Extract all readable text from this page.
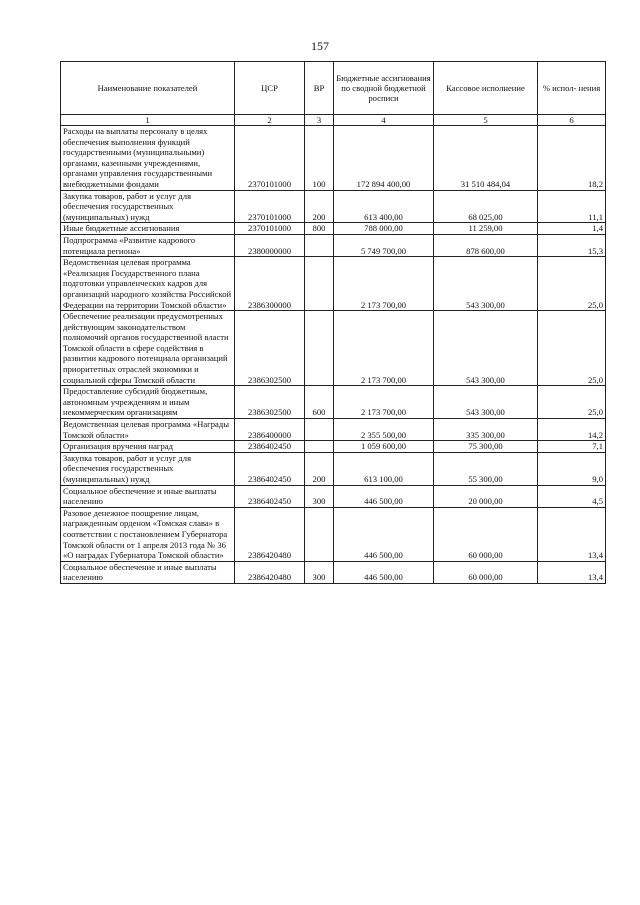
157
Наименование показателей	ЦСР	ВР	Бюджетные ассигнования по сводной бюджетной росписи	Кассовое исполнение	% испол- нения
1	2	3	4	5	6
Расходы на выплаты персоналу в целях обеспечения выполнения функций государственными (муниципальными) органами, казенными учреждениями, органами управления государственными внебюджетными фондами	2370101000	100	172 894 400,00	31 510 484,04	18,2
Закупка товаров, работ и услуг для обеспечения государственных (муниципальных) нужд	2370101000	200	613 400,00	68 025,00	11,1
Иные бюджетные ассигнования	2370101000	800	788 000,00	11 259,00	1,4
Подпрограмма «Развитие кадрового потенциала региона»	2380000000		5 749 700,00	878 600,00	15,3
Ведомственная целевая программа «Реализация Государственного плана подготовки управленческих кадров для организаций народного хозяйства Российской Федерации на территории Томской области»	2386300000		2 173 700,00	543 300,00	25,0
Обеспечение реализации предусмотренных действующим законодательством полномочий органов государственной власти Томской области в сфере содействия в развитии кадрового потенциала организаций приоритетных отраслей экономики и социальной сферы Томской области	2386302500		2 173 700,00	543 300,00	25,0
Предоставление субсидий бюджетным, автономным учреждениям и иным некоммерческим организациям	2386302500	600	2 173 700,00	543 300,00	25,0
Ведомственная целевая программа «Награды Томской области»	2386400000		2 355 500,00	335 300,00	14,2
Организация вручения наград	2386402450		1 059 600,00	75 300,00	7,1
Закупка товаров, работ и услуг для обеспечения государственных (муниципальных) нужд	2386402450	200	613 100,00	55 300,00	9,0
Социальное обеспечение и иные выплаты населению	2386402450	300	446 500,00	20 000,00	4,5
Разовое денежное поощрение лицам, награжденным орденом «Томская слава» в соответствии с постановлением Губернатора Томской области от 1 апреля 2013 года № 36 «О наградах Губернатора Томской области»	2386420480		446 500,00	60 000,00	13,4
Социальное обеспечение и иные выплаты населению	2386420480	300	446 500,00	60 000,00	13,4
